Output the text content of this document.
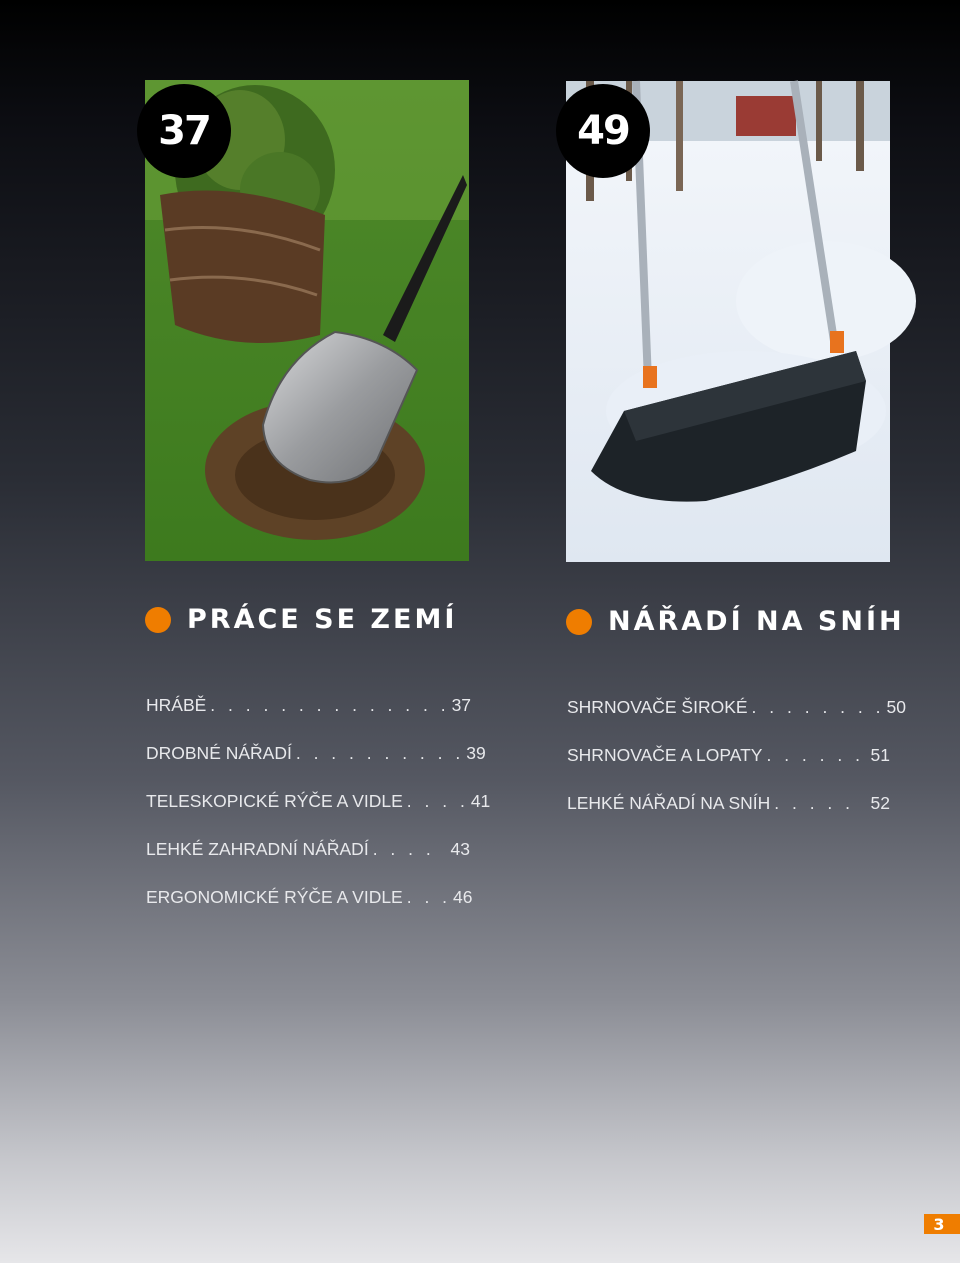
37	49
PRÁCE SE ZEMÍ	NÁŘADÍ NA SNÍH
HRÁBĚ . . . . . . . . . . . . . . 37
DROBNÉ NÁŘADÍ . . . . . . . . . . 39
TELESKOPICKÉ RÝČE A VIDLE . . . . 41
LEHKÉ ZAHRADNÍ NÁŘADÍ . . . . 43
ERGONOMICKÉ RÝČE A VIDLE . . . 46
SHRNOVAČE ŠIROKÉ . . . . . . . . 50
SHRNOVAČE A LOPATY . . . . . . 51
LEHKÉ NÁŘADÍ NA SNÍH . . . . . 52
3
